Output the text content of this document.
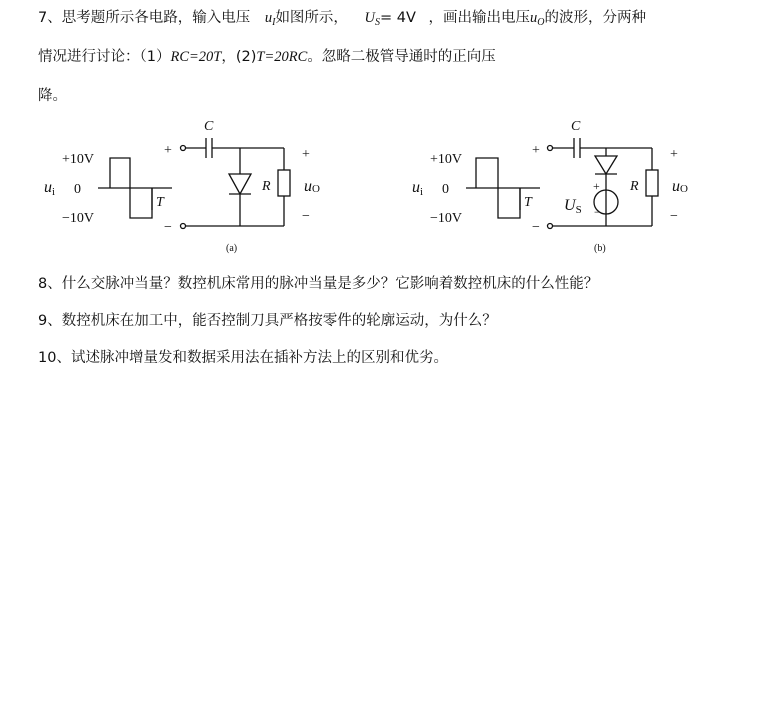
7、思考题所示各电路，输入电压 $u_I$如图所示， $U_S= 4V$ ，画出输出电压$u_O$的波形，分两种
情况进行讨论：（1）RC=20T，(2)T=20RC。忽略二极管导通时的正向压
降。
+10V
0
−10V
ui
T
C
R
+
−
+
−
uO
(a)
+10V
0
−10V
ui
T
C
R
+
−
+
−
US
+
−
uO
(b)
8、什么交脉冲当量？数控机床常用的脉冲当量是多少？它影响着数控机床的什么性能？
9、数控机床在加工中，能否控制刀具严格按零件的轮廓运动，为什么？
10、试述脉冲增量发和数据采用法在插补方法上的区别和优劣。
